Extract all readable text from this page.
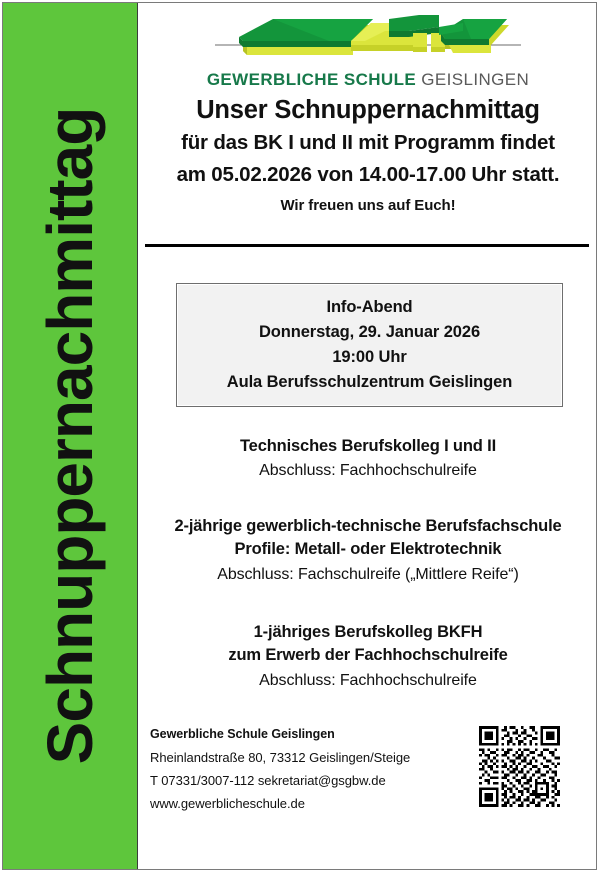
Schnuppernachmittag
GEWERBLICHE SCHULE GEISLINGEN
Unser Schnuppernachmittag
für das BK I und II mit Programm findet
am 05.02.2026 von 14.00-17.00 Uhr statt.
Wir freuen uns auf Euch!
Info-Abend
Donnerstag, 29. Januar 2026
19:00 Uhr
Aula Berufsschulzentrum Geislingen
Technisches Berufskolleg I und II
Abschluss: Fachhochschulreife
2-jährige gewerblich-technische Berufsfachschule
Profile: Metall- oder Elektrotechnik
Abschluss: Fachschulreife („Mittlere Reife“)
1-jähriges Berufskolleg BKFH
zum Erwerb der Fachhochschulreife
Abschluss: Fachhochschulreife
Gewerbliche Schule Geislingen
Rheinlandstraße 80, 73312 Geislingen/Steige
T 07331/3007-112 sekretariat@gsgbw.de
www.gewerblicheschule.de
